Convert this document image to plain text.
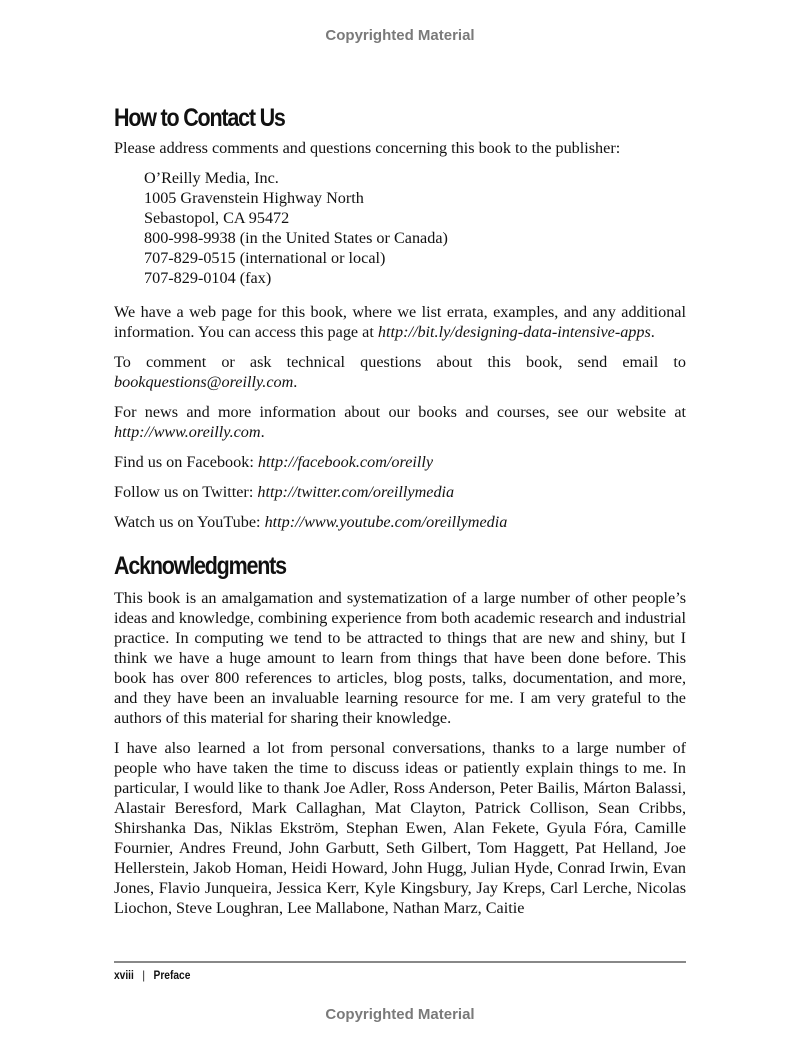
Copyrighted Material
How to Contact Us

Please address comments and questions concerning this book to the publisher:

O’Reilly Media, Inc.
1005 Gravenstein Highway North
Sebastopol, CA 95472
800-998-9938 (in the United States or Canada)
707-829-0515 (international or local)
707-829-0104 (fax)

We have a web page for this book, where we list errata, examples, and any additional information. You can access this page at http://bit.ly/designing-data-intensive-apps.

To comment or ask technical questions about this book, send email to bookquestions@oreilly.com.

For news and more information about our books and courses, see our website at http://www.oreilly.com.

Find us on Facebook: http://facebook.com/oreilly

Follow us on Twitter: http://twitter.com/oreillymedia

Watch us on YouTube: http://www.youtube.com/oreillymedia

Acknowledgments

This book is an amalgamation and systematization of a large number of other people’s ideas and knowledge, combining experience from both academic research and industrial practice. In computing we tend to be attracted to things that are new and shiny, but I think we have a huge amount to learn from things that have been done before. This book has over 800 references to articles, blog posts, talks, documentation, and more, and they have been an invaluable learning resource for me. I am very grateful to the authors of this material for sharing their knowledge.

I have also learned a lot from personal conversations, thanks to a large number of people who have taken the time to discuss ideas or patiently explain things to me. In particular, I would like to thank Joe Adler, Ross Anderson, Peter Bailis, Márton Balassi, Alastair Beresford, Mark Callaghan, Mat Clayton, Patrick Collison, Sean Cribbs, Shirshanka Das, Niklas Ekström, Stephan Ewen, Alan Fekete, Gyula Fóra, Camille Fournier, Andres Freund, John Garbutt, Seth Gilbert, Tom Haggett, Pat Helland, Joe Hellerstein, Jakob Homan, Heidi Howard, John Hugg, Julian Hyde, Conrad Irwin, Evan Jones, Flavio Junqueira, Jessica Kerr, Kyle Kingsbury, Jay Kreps, Carl Lerche, Nicolas Liochon, Steve Loughran, Lee Mallabone, Nathan Marz, Caitie

xviii | Preface
Copyrighted Material
